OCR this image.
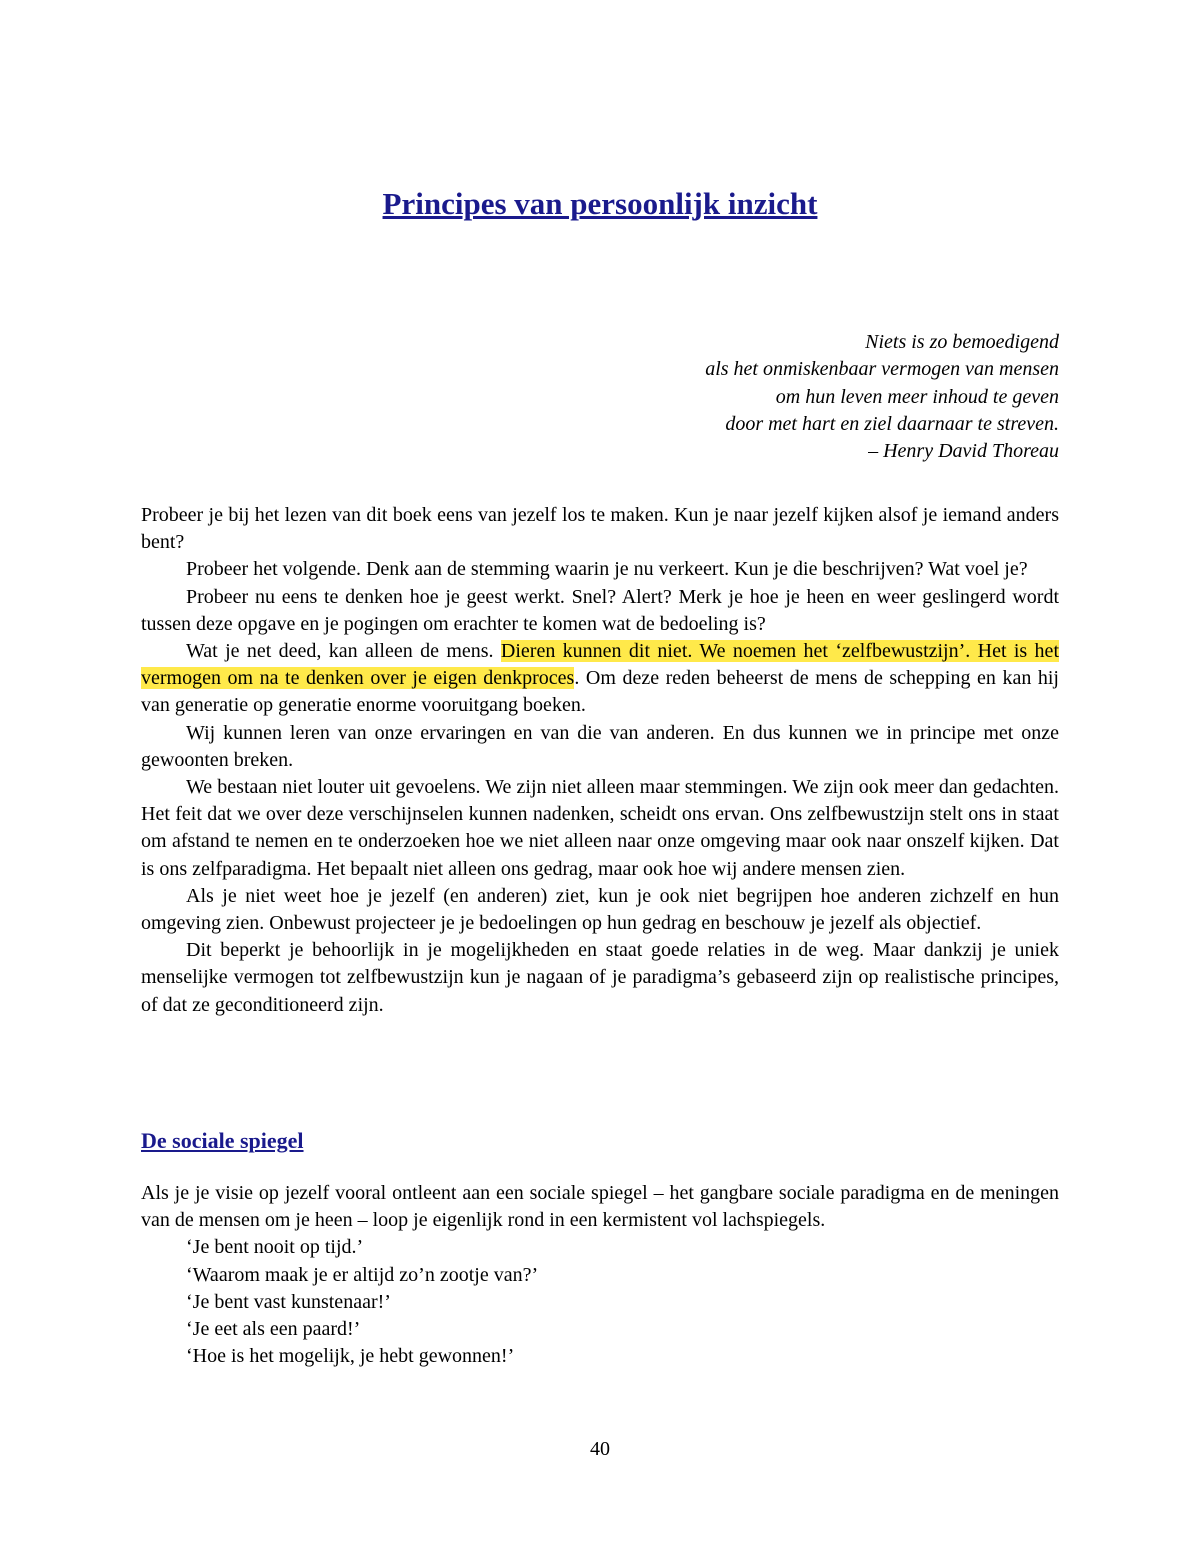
Principes van persoonlijk inzicht
Niets is zo bemoedigend
als het onmiskenbaar vermogen van mensen
om hun leven meer inhoud te geven
door met hart en ziel daarnaar te streven.
– Henry David Thoreau

Probeer je bij het lezen van dit boek eens van jezelf los te maken. Kun je naar jezelf kijken alsof je iemand anders bent?

Probeer het volgende. Denk aan de stemming waarin je nu verkeert. Kun je die beschrijven? Wat voel je?

Probeer nu eens te denken hoe je geest werkt. Snel? Alert? Merk je hoe je heen en weer geslingerd wordt tussen deze opgave en je pogingen om erachter te komen wat de bedoeling is?

Wat je net deed, kan alleen de mens. Dieren kunnen dit niet. We noemen het ‘zelfbewustzijn’. Het is het vermogen om na te denken over je eigen denkproces. Om deze reden beheerst de mens de schepping en kan hij van generatie op generatie enorme vooruitgang boeken.

Wij kunnen leren van onze ervaringen en van die van anderen. En dus kunnen we in principe met onze gewoonten breken.

We bestaan niet louter uit gevoelens. We zijn niet alleen maar stemmingen. We zijn ook meer dan gedachten. Het feit dat we over deze verschijnselen kunnen nadenken, scheidt ons ervan. Ons zelfbewustzijn stelt ons in staat om afstand te nemen en te onderzoeken hoe we niet alleen naar onze omgeving maar ook naar onszelf kijken. Dat is ons zelfparadigma. Het bepaalt niet alleen ons gedrag, maar ook hoe wij andere mensen zien.

Als je niet weet hoe je jezelf (en anderen) ziet, kun je ook niet begrijpen hoe anderen zichzelf en hun omgeving zien. Onbewust projecteer je je bedoelingen op hun gedrag en beschouw je jezelf als objectief.

Dit beperkt je behoorlijk in je mogelijkheden en staat goede relaties in de weg. Maar dankzij je uniek menselijke vermogen tot zelfbewustzijn kun je nagaan of je paradigma’s gebaseerd zijn op realistische principes, of dat ze geconditioneerd zijn.

De sociale spiegel

Als je je visie op jezelf vooral ontleent aan een sociale spiegel – het gangbare sociale paradigma en de meningen van de mensen om je heen – loop je eigenlijk rond in een kermistent vol lachspiegels.

‘Je bent nooit op tijd.’

‘Waarom maak je er altijd zo’n zootje van?’

‘Je bent vast kunstenaar!’

‘Je eet als een paard!’

‘Hoe is het mogelijk, je hebt gewonnen!’

40
